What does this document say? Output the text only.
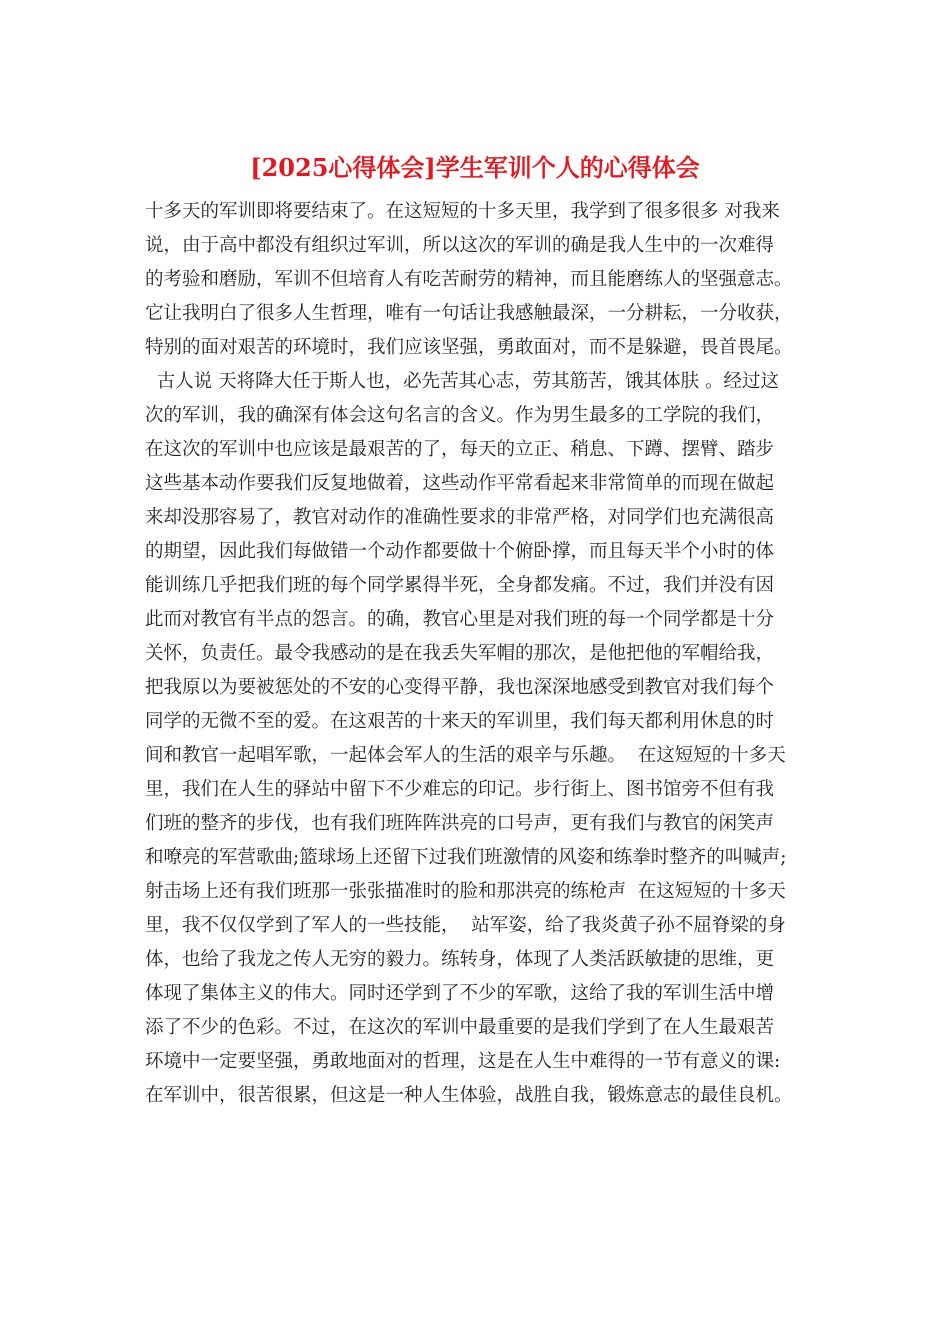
[2025心得体会]学生军训个人的心得体会
十多天的军训即将要结束了。在这短短的十多天里，我学到了很多很多 对我来
说，由于高中都没有组织过军训，所以这次的军训的确是我人生中的一次难得
的考验和磨励，军训不但培育人有吃苦耐劳的精神，而且能磨练人的坚强意志。
它让我明白了很多人生哲理，唯有一句话让我感触最深，一分耕耘，一分收获，
特别的面对艰苦的环境时，我们应该坚强，勇敢面对，而不是躲避，畏首畏尾。
古人说 天将降大任于斯人也，必先苦其心志，劳其筋苦，饿其体肤 。经过这
次的军训，我的确深有体会这句名言的含义。作为男生最多的工学院的我们，
在这次的军训中也应该是最艰苦的了，每天的立正、稍息、下蹲、摆臂、踏步
这些基本动作要我们反复地做着，这些动作平常看起来非常简单的而现在做起
来却没那容易了，教官对动作的准确性要求的非常严格，对同学们也充满很高
的期望，因此我们每做错一个动作都要做十个俯卧撑，而且每天半个小时的体
能训练几乎把我们班的每个同学累得半死，全身都发痛。不过，我们并没有因
此而对教官有半点的怨言。的确，教官心里是对我们班的每一个同学都是十分
关怀，负责任。最令我感动的是在我丢失军帽的那次，是他把他的军帽给我，
把我原以为要被惩处的不安的心变得平静，我也深深地感受到教官对我们每个
同学的无微不至的爱。在这艰苦的十来天的军训里，我们每天都利用休息的时
间和教官一起唱军歌，一起体会军人的生活的艰辛与乐趣。  在这短短的十多天
里，我们在人生的驿站中留下不少难忘的印记。步行街上、图书馆旁不但有我
们班的整齐的步伐，也有我们班阵阵洪亮的口号声，更有我们与教官的闲笑声
和嘹亮的军营歌曲;篮球场上还留下过我们班激情的风姿和练拳时整齐的叫喊声;
射击场上还有我们班那一张张描准时的脸和那洪亮的练枪声  在这短短的十多天
里，我不仅仅学到了军人的一些技能，  站军姿，给了我炎黄子孙不屈脊梁的身
体，也给了我龙之传人无穷的毅力。练转身，体现了人类活跃敏捷的思维，更
体现了集体主义的伟大。同时还学到了不少的军歌，这给了我的军训生活中增
添了不少的色彩。不过，在这次的军训中最重要的是我们学到了在人生最艰苦
环境中一定要坚强，勇敢地面对的哲理，这是在人生中难得的一节有意义的课:
在军训中，很苦很累，但这是一种人生体验，战胜自我，锻炼意志的最佳良机。
